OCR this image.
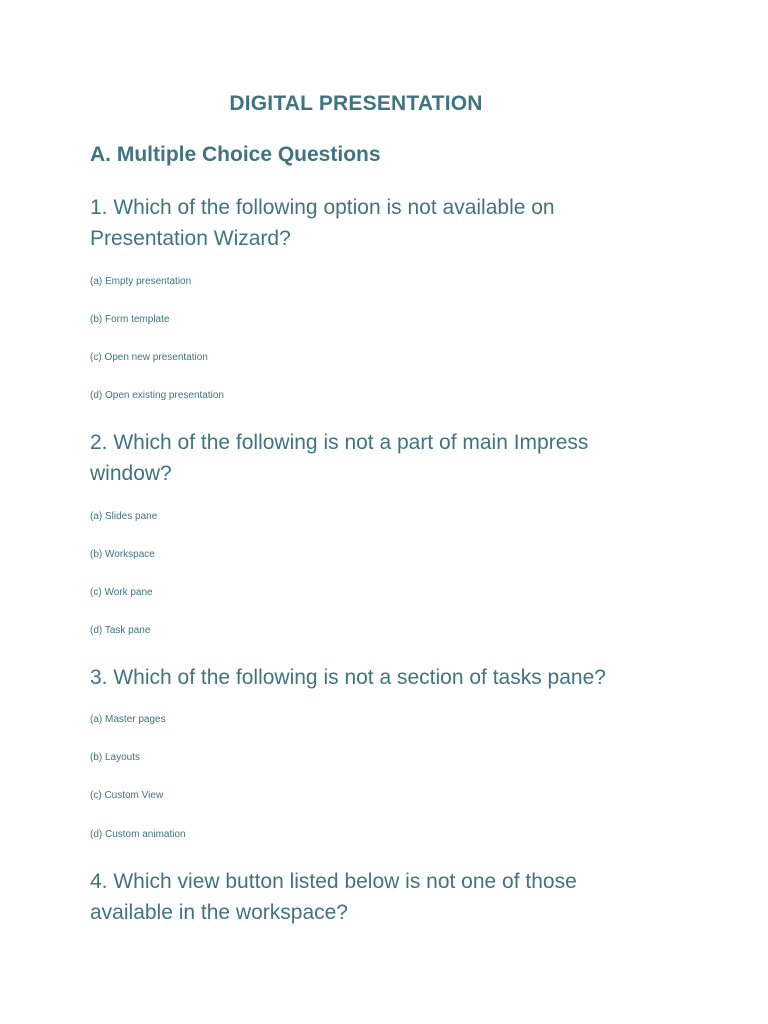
DIGITAL PRESENTATION
A. Multiple Choice Questions

1. Which of the following option is not available on Presentation Wizard?

(a) Empty presentation

(b) Form template

(c) Open new presentation

(d) Open existing presentation

2. Which of the following is not a part of main Impress window?

(a) Slides pane

(b) Workspace

(c) Work pane

(d) Task pane

3. Which of the following is not a section of tasks pane?

(a) Master pages

(b) Layouts

(c) Custom View

(d) Custom animation

4. Which view button listed below is not one of those available in the workspace?
